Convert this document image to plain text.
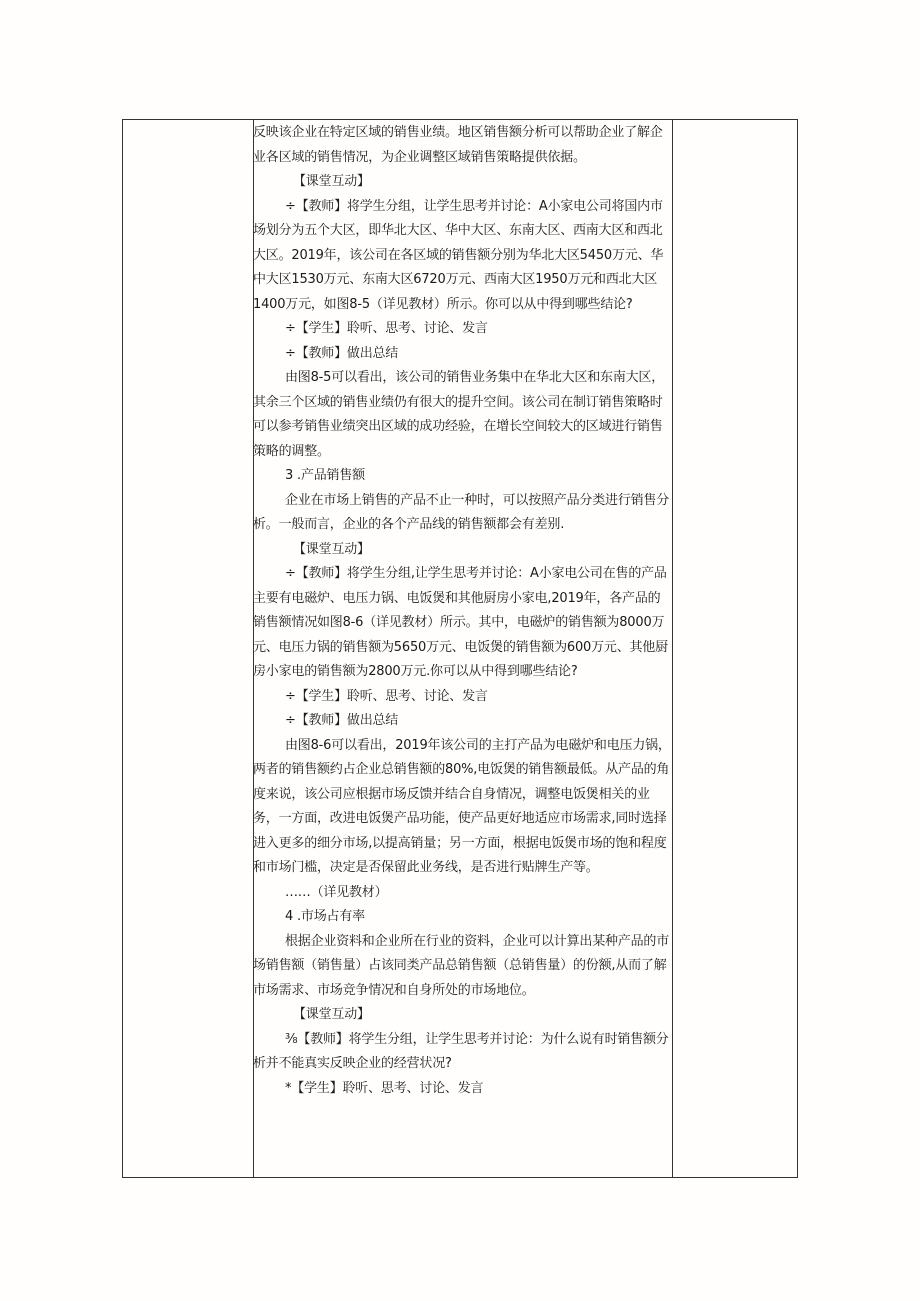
反映该企业在特定区域的销售业绩。地区销售额分析可以帮助企业了解企业各区域的销售情况，为企业调整区域销售策略提供依据。

【课堂互动】

÷【教师】将学生分组，让学生思考并讨论：A小家电公司将国内市场划分为五个大区，即华北大区、华中大区、东南大区、西南大区和西北大区。2019年，该公司在各区域的销售额分别为华北大区5450万元、华中大区1530万元、东南大区6720万元、西南大区1950万元和西北大区1400万元，如图8-5（详见教材）所示。你可以从中得到哪些结论?

÷【学生】聆听、思考、讨论、发言

÷【教师】做出总结

由图8-5可以看出，该公司的销售业务集中在华北大区和东南大区，其余三个区域的销售业绩仍有很大的提升空间。该公司在制订销售策略时可以参考销售业绩突出区域的成功经验，在增长空间较大的区域进行销售策略的调整。

3 .产品销售额

企业在市场上销售的产品不止一种时，可以按照产品分类进行销售分析。一般而言，企业的各个产品线的销售额都会有差别.

【课堂互动】

÷【教师】将学生分组,让学生思考并讨论：A小家电公司在售的产品主要有电磁炉、电压力锅、电饭煲和其他厨房小家电,2019年，各产品的销售额情况如图8-6（详见教材）所示。其中，电磁炉的销售额为8000万元、电压力锅的销售额为5650万元、电饭煲的销售额为600万元、其他厨房小家电的销售额为2800万元.你可以从中得到哪些结论?

÷【学生】聆听、思考、讨论、发言

÷【教师】做出总结

由图8-6可以看出，2019年该公司的主打产品为电磁炉和电压力锅，两者的销售额约占企业总销售额的80%,电饭煲的销售额最低。从产品的角度来说，该公司应根据市场反馈并结合自身情况，调整电饭煲相关的业务，一方面，改进电饭煲产品功能，使产品更好地适应市场需求,同时选择进入更多的细分市场,以提高销量；另一方面，根据电饭煲市场的饱和程度和市场门槛，决定是否保留此业务线，是否进行贴牌生产等。

……（详见教材）

4 .市场占有率

根据企业资料和企业所在行业的资料，企业可以计算出某种产品的市场销售额（销售量）占该同类产品总销售额（总销售量）的份额,从而了解市场需求、市场竞争情况和自身所处的市场地位。

【课堂互动】

⅜【教师】将学生分组，让学生思考并讨论：为什么说有时销售额分析并不能真实反映企业的经营状况?

*【学生】聆听、思考、讨论、发言
